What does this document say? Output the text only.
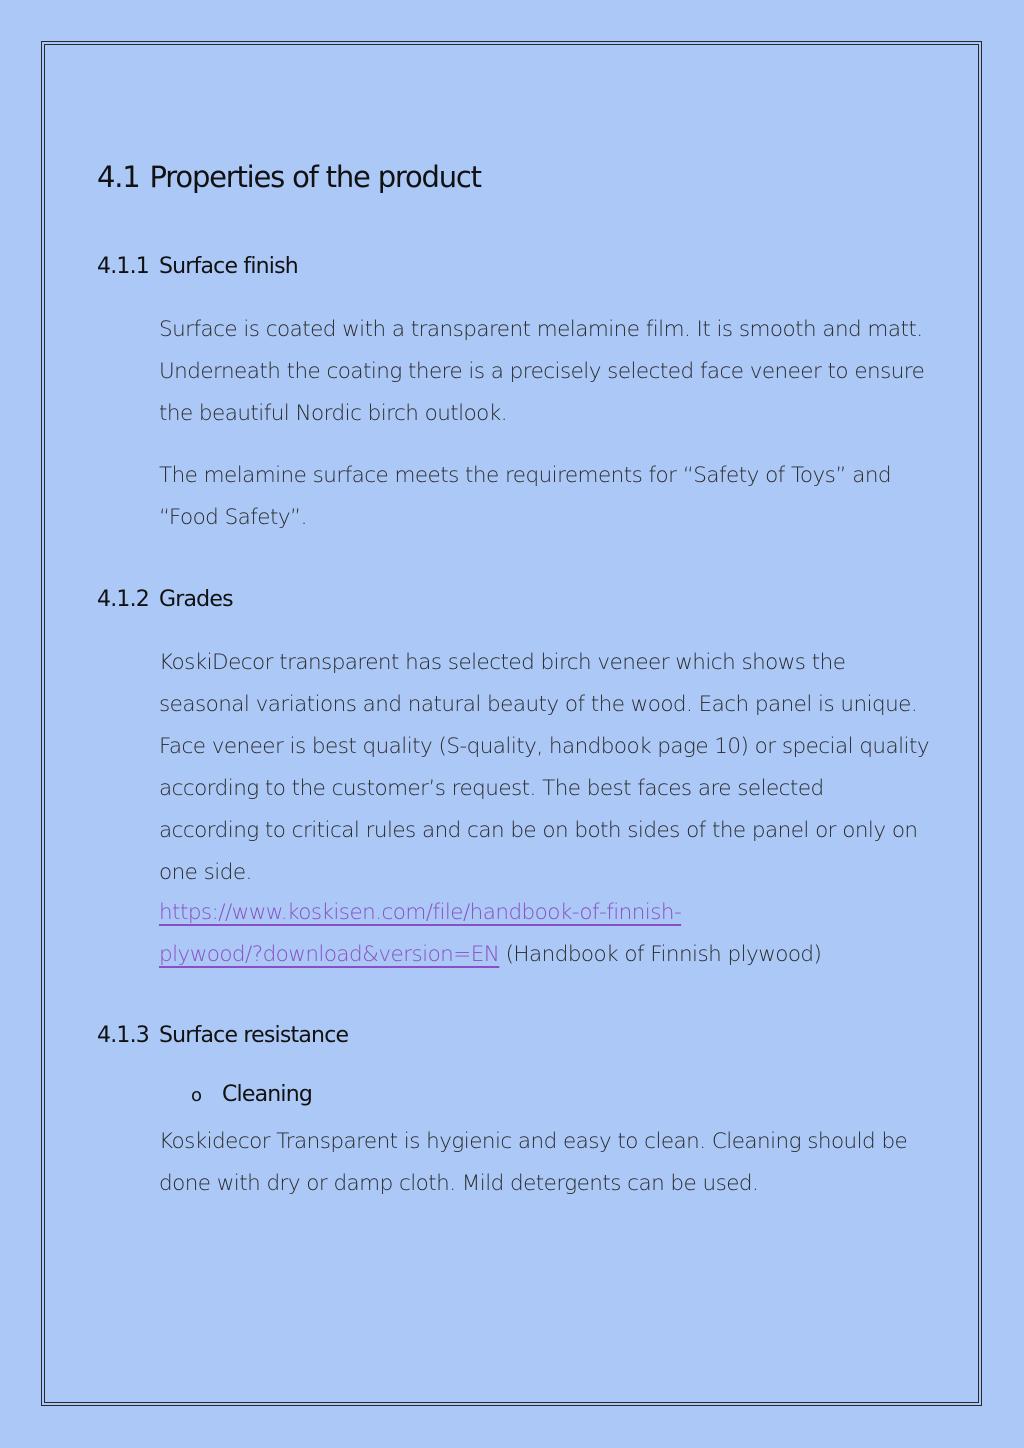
4.1 Properties of the product
4.1.1 Surface finish

Surface is coated with a transparent melamine film. It is smooth and matt. Underneath the coating there is a precisely selected face veneer to ensure the beautiful Nordic birch outlook.

The melamine surface meets the requirements for “Safety of Toys” and “Food Safety”.

4.1.2 Grades

KoskiDecor transparent has selected birch veneer which shows the seasonal variations and natural beauty of the wood. Each panel is unique. Face veneer is best quality (S-quality, handbook page 10) or special quality according to the customer’s request. The best faces are selected according to critical rules and can be on both sides of the panel or only on one side.

https://www.koskisen.com/file/handbook-of-finnish-
plywood/?download&version=EN (Handbook of Finnish plywood)

4.1.3 Surface resistance
o Cleaning

Koskidecor Transparent is hygienic and easy to clean. Cleaning should be done with dry or damp cloth. Mild detergents can be used.
